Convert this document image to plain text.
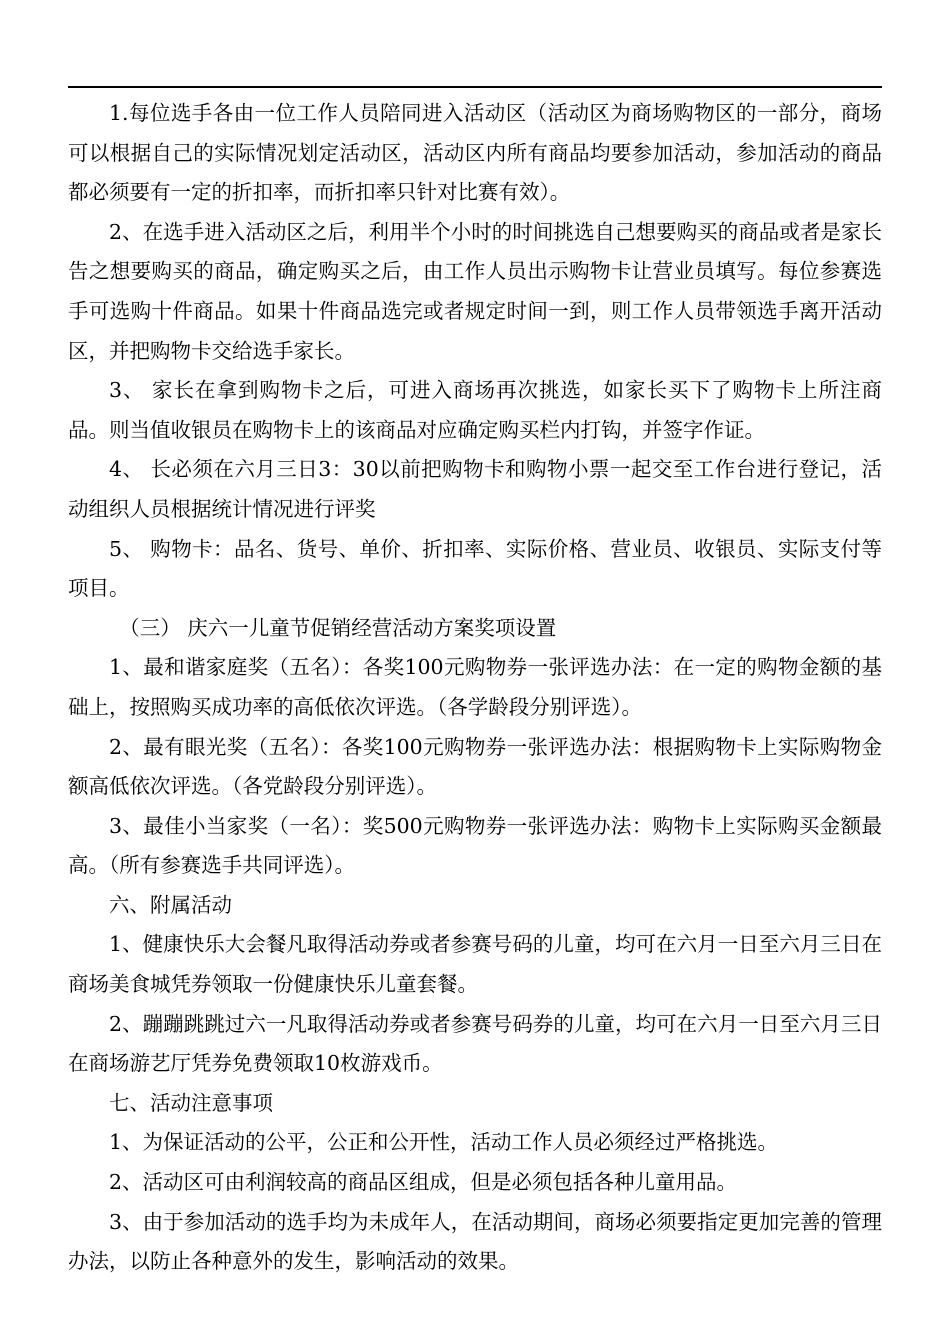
1.每位选手各由一位工作人员陪同进入活动区（活动区为商场购物区的一部分，商场可以根据自己的实际情况划定活动区，活动区内所有商品均要参加活动，参加活动的商品都必须要有一定的折扣率，而折扣率只针对比赛有效）。

2、在选手进入活动区之后，利用半个小时的时间挑选自己想要购买的商品或者是家长告之想要购买的商品，确定购买之后，由工作人员出示购物卡让营业员填写。每位参赛选手可选购十件商品。如果十件商品选完或者规定时间一到，则工作人员带领选手离开活动区，并把购物卡交给选手家长。

3、 家长在拿到购物卡之后，可进入商场再次挑选，如家长买下了购物卡上所注商品。则当值收银员在购物卡上的该商品对应确定购买栏内打钩，并签字作证。

4、 长必须在六月三日3：30以前把购物卡和购物小票一起交至工作台进行登记，活动组织人员根据统计情况进行评奖

5、 购物卡：品名、货号、单价、折扣率、实际价格、营业员、收银员、实际支付等项目。

（三） 庆六一儿童节促销经营活动方案奖项设置

1、最和谐家庭奖（五名）：各奖100元购物券一张评选办法：在一定的购物金额的基础上，按照购买成功率的高低依次评选。（各学龄段分别评选）。

2、最有眼光奖（五名）：各奖100元购物券一张评选办法：根据购物卡上实际购物金额高低依次评选。（各党龄段分别评选）。

3、最佳小当家奖（一名）：奖500元购物券一张评选办法：购物卡上实际购买金额最高。（所有参赛选手共同评选）。

六、附属活动

1、健康快乐大会餐凡取得活动券或者参赛号码的儿童，均可在六月一日至六月三日在商场美食城凭券领取一份健康快乐儿童套餐。

2、蹦蹦跳跳过六一凡取得活动券或者参赛号码券的儿童，均可在六月一日至六月三日在商场游艺厅凭券免费领取10枚游戏币。

七、活动注意事项

1、为保证活动的公平，公正和公开性，活动工作人员必须经过严格挑选。

2、活动区可由利润较高的商品区组成，但是必须包括各种儿童用品。

3、由于参加活动的选手均为未成年人，在活动期间，商场必须要指定更加完善的管理办法，以防止各种意外的发生，影响活动的效果。
